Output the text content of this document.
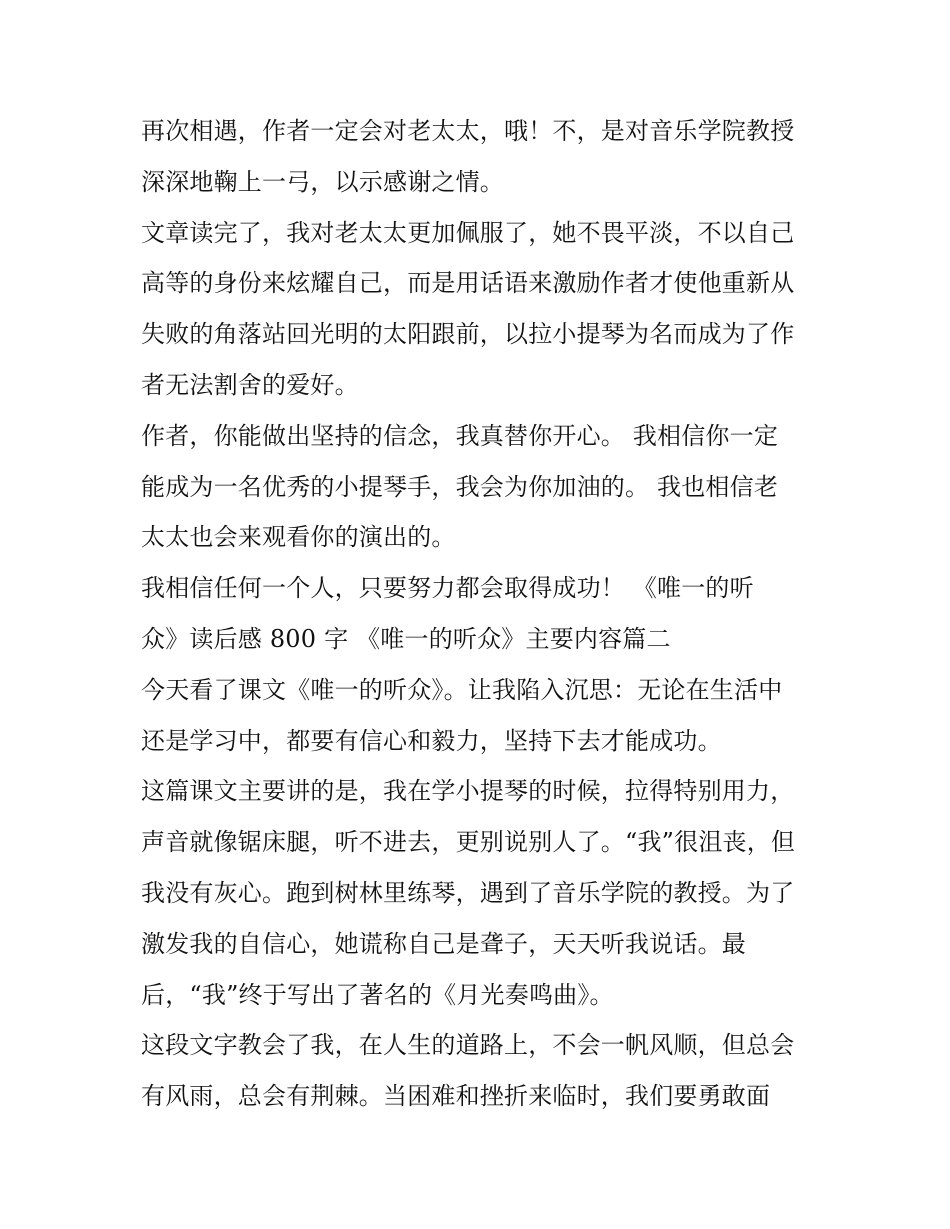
再次相遇，作者一定会对老太太，哦！不，是对音乐学院教授
深深地鞠上一弓，以示感谢之情。
文章读完了，我对老太太更加佩服了，她不畏平淡，不以自己
高等的身份来炫耀自己，而是用话语来激励作者才使他重新从
失败的角落站回光明的太阳跟前，以拉小提琴为名而成为了作
者无法割舍的爱好。
作者，你能做出坚持的信念，我真替你开心。 我相信你一定
能成为一名优秀的小提琴手，我会为你加油的。 我也相信老
太太也会来观看你的演出的。
我相信任何一个人，只要努力都会取得成功！ 《唯一的听
众》读后感 800 字 《唯一的听众》主要内容篇二
今天看了课文《唯一的听众》。让我陷入沉思：无论在生活中
还是学习中，都要有信心和毅力，坚持下去才能成功。
这篇课文主要讲的是，我在学小提琴的时候，拉得特别用力，
声音就像锯床腿，听不进去，更别说别人了。“我”很沮丧，但
我没有灰心。跑到树林里练琴，遇到了音乐学院的教授。为了
激发我的自信心，她谎称自己是聋子，天天听我说话。最
后，“我”终于写出了著名的《月光奏鸣曲》。
这段文字教会了我，在人生的道路上，不会一帆风顺，但总会
有风雨，总会有荆棘。当困难和挫折来临时，我们要勇敢面
